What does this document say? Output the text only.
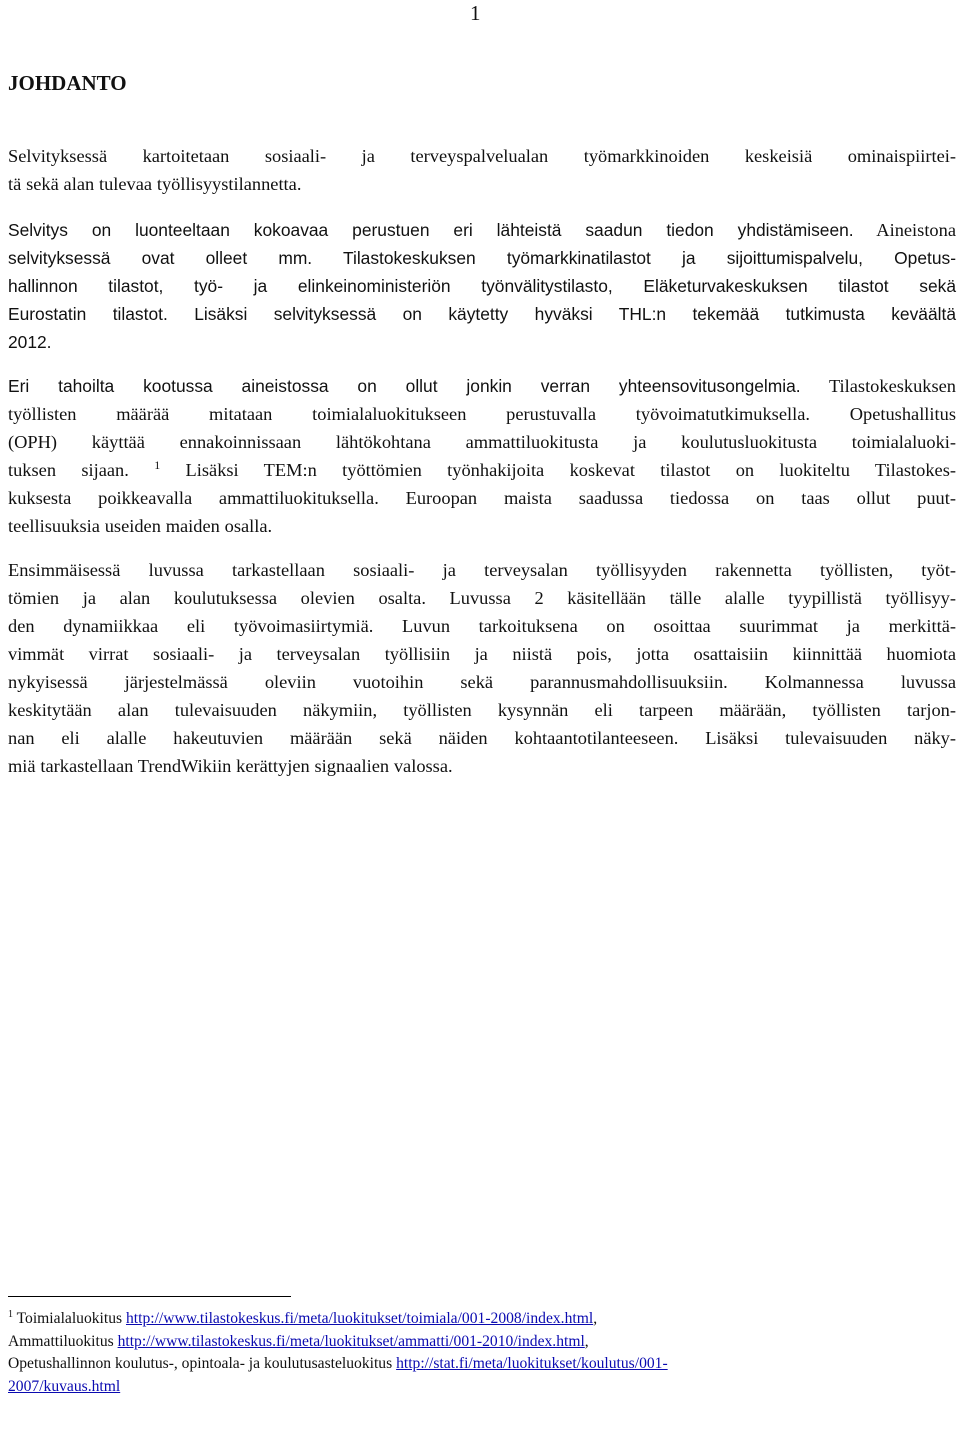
1
JOHDANTO
Selvityksessä kartoitetaan sosiaali- ja terveyspalvelualan työmarkkinoiden keskeisiä ominaispiirtei-
tä sekä alan tulevaa työllisyystilannetta.
Selvitys on luonteeltaan kokoavaa perustuen eri lähteistä saadun tiedon yhdistämiseen. Aineistona
selvityksessä ovat olleet mm. Tilastokeskuksen työmarkkinatilastot ja sijoittumispalvelu, Opetus-
hallinnon tilastot, työ- ja elinkeinoministeriön työnvälitystilasto, Eläketurvakeskuksen tilastot sekä
Eurostatin tilastot. Lisäksi selvityksessä on käytetty hyväksi THL:n tekemää tutkimusta keväältä
2012.
Eri tahoilta kootussa aineistossa on ollut jonkin verran yhteensovitusongelmia. Tilastokeskuksen
työllisten määrää mitataan toimialaluokitukseen perustuvalla työvoimatutkimuksella. Opetushallitus
(OPH) käyttää ennakoinnissaan lähtökohtana ammattiluokitusta ja koulutusluokitusta toimialaluoki-
tuksen sijaan. $^1$ Lisäksi TEM:n työttömien työnhakijoita koskevat tilastot on luokiteltu Tilastokes-
kuksesta poikkeavalla ammattiluokituksella. Euroopan maista saadussa tiedossa on taas ollut puut-
teellisuuksia useiden maiden osalla.
Ensimmäisessä luvussa tarkastellaan sosiaali- ja terveysalan työllisyyden rakennetta työllisten, työt-
tömien ja alan koulutuksessa olevien osalta. Luvussa 2 käsitellään tälle alalle tyypillistä työllisyy-
den dynamiikkaa eli työvoimasiirtymiä. Luvun tarkoituksena on osoittaa suurimmat ja merkittä-
vimmät virrat sosiaali- ja terveysalan työllisiin ja niistä pois, jotta osattaisiin kiinnittää huomiota
nykyisessä järjestelmässä oleviin vuotoihin sekä parannusmahdollisuuksiin. Kolmannessa luvussa
keskitytään alan tulevaisuuden näkymiin, työllisten kysynnän eli tarpeen määrään, työllisten tarjon-
nan eli alalle hakeutuvien määrään sekä näiden kohtaantotilanteeseen. Lisäksi tulevaisuuden näky-
miä tarkastellaan TrendWikiin kerättyjen signaalien valossa.
$^1$ Toimialaluokitus http://www.tilastokeskus.fi/meta/luokitukset/toimiala/001-2008/index.html,
Ammattiluokitus http://www.tilastokeskus.fi/meta/luokitukset/ammatti/001-2010/index.html,
Opetushallinnon koulutus-, opintoala- ja koulutusasteluokitus http://stat.fi/meta/luokitukset/koulutus/001-
2007/kuvaus.html
